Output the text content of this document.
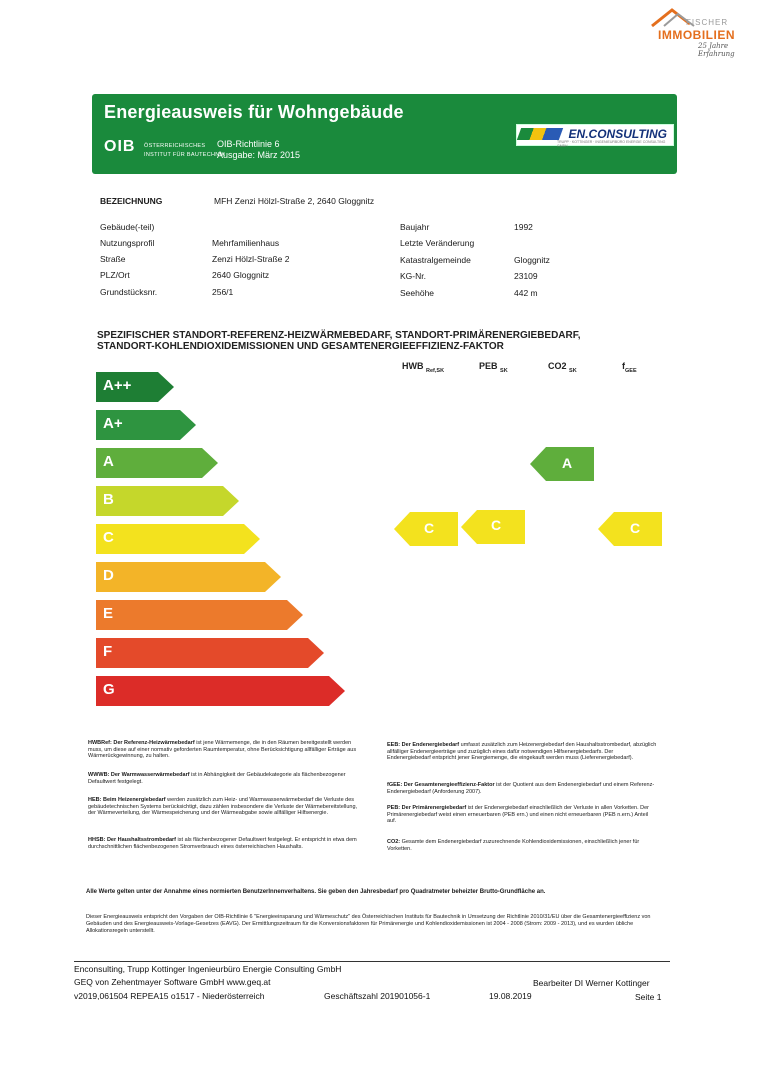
FISCHER
IMMOBILIEN
25 Jahre Erfahrung
Energieausweis für Wohngebäude
OIB ÖSTERREICHISCHES
INSTITUT FÜR BAUTECHNIK
OIB-Richtlinie 6
Ausgabe: März 2015
EN.CONSULTING
TRUPP · KOTTINGER · INGENIEURBÜRO ENERGIE CONSULTING GMBH
BEZEICHNUNG	MFH Zenzi Hölzl-Straße 2, 2640 Gloggnitz
Gebäude(-teil)
Nutzungsprofil	Mehrfamilienhaus
Straße	Zenzi Hölzl-Straße 2
PLZ/Ort	2640 Gloggnitz
Grundstücksnr.	256/1
Baujahr	1992
Letzte Veränderung
Katastralgemeinde	Gloggnitz
KG-Nr.	23109
Seehöhe	442 m
SPEZIFISCHER STANDORT-REFERENZ-HEIZWÄRMEBEDARF, STANDORT-PRIMÄRENERGIEBEDARF,
STANDORT-KOHLENDIOXIDEMISSIONEN UND GESAMTENERGIEEFFIZIENZ-FAKTOR
HWB $_{Ref,SK}$	PEB $_{SK}$	CO2 $_{SK}$	$f_{GEE}$
A++
A+
A
B
C
D
E
F
G
C	C
A
C
HWBRef: Der Referenz-Heizwärmebedarf ist jene Wärmemenge, die in den Räumen bereitgestellt werden muss, um diese auf einer normativ geforderten Raumtemperatur, ohne Berücksichtigung allfälliger Erträge aus Wärmerückgewinnung, zu halten.
WWWB: Der Warmwasserwärmebedarf ist in Abhängigkeit der Gebäudekategorie als flächenbezogener Defaultwert festgelegt.
HEB: Beim Heizenergiebedarf werden zusätzlich zum Heiz- und Warmwasserwärmebedarf die Verluste des gebäudetechnischen Systems berücksichtigt, dazu zählen insbesondere die Verluste der Wärmebereitstellung, der Wärmeverteilung, der Wärmespeicherung und der Wärmeabgabe sowie allfälliger Hilfsenergie.
HHSB: Der Haushaltsstrombedarf ist als flächenbezogener Defaultwert festgelegt. Er entspricht in etwa dem durchschnittlichen flächenbezogenen Stromverbrauch eines österreichischen Haushalts.
EEB: Der Endenergiebedarf umfasst zusätzlich zum Heizenergiebedarf den Haushaltsstrombedarf, abzüglich allfälliger Endenergieerträge und zuzüglich eines dafür notwendigen Hilfsenergiebedarfs. Der Endenergiebedarf entspricht jener Energiemenge, die eingekauft werden muss (Lieferenergiebedarf).
fGEE: Der Gesamtenergieeffizienz-Faktor ist der Quotient aus dem Endenergiebedarf und einem Referenz-Endenergiebedarf (Anforderung 2007).
PEB: Der Primärenergiebedarf ist der Endenergiebedarf einschließlich der Verluste in allen Vorketten. Der Primärenergiebedarf weist einen erneuerbaren (PEB ern.) und einen nicht erneuerbaren (PEB n.ern.) Anteil auf.
CO2: Gesamte dem Endenergiebedarf zuzurechnende Kohlendioxidemissionen, einschließlich jener für Vorketten.
Alle Werte gelten unter der Annahme eines normierten BenutzerInnenverhaltens. Sie geben den Jahresbedarf pro Quadratmeter beheizter Brutto-Grundfläche an.
Dieser Energieausweis entspricht den Vorgaben der OIB-Richtlinie 6 "Energieeinsparung und Wärmeschutz" des Österreichischen Instituts für Bautechnik in Umsetzung der Richtlinie 2010/31/EU über die Gesamtenergieeffizienz von Gebäuden und des Energieausweis-Vorlage-Gesetzes (EAVG). Der Ermittlungszeitraum für die Konversionsfaktoren für Primärenergie und Kohlendioxidemissionen ist 2004 - 2008 (Strom: 2009 - 2013), und es wurden übliche Allokationsregeln unterstellt.
Enconsulting, Trupp Kottinger Ingenieurbüro Energie Consulting GmbH
GEQ von Zehentmayer Software GmbH www.geq.at
v2019,061504 REPEA15 o1517 - Niederösterreich	Geschäftszahl 201901056-1	19.08.2019
Bearbeiter DI Werner Kottinger
Seite 1
